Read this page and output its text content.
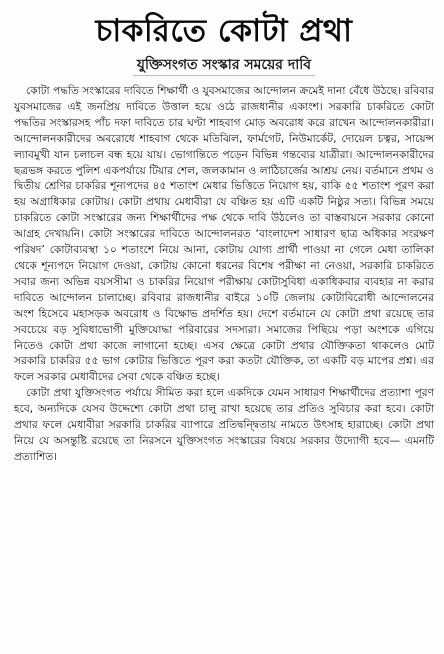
চাকরিতে কোটা প্রথা
যুক্তিসংগত সংস্কার সময়ের দাবি

কোটা পদ্ধতি সংস্কারের দাবিতে শিক্ষার্থী ও যুবসমাজের আন্দোলন ক্রমেই দানা বেঁধে উঠছে। রবিবার যুবসমাজের এই জনপ্রিয় দাবিতে উত্তাল হয়ে ওঠে রাজধানীর একাংশ। সরকারি চাকরিতে কোটা পদ্ধতির সংস্কারসহ পাঁচ দফা দাবিতে চার ঘণ্টা শাহবাগ মোড় অবরোধ করে রাখেন আন্দোলনকারীরা। আন্দোলনকারীদের অবরোধে শাহবাগ থেকে মতিঝিল, ফার্মগেট, নিউমার্কেট, দোয়েল চত্বর, সায়েন্স ল্যাবমুখী যান চলাচল বন্ধ হয়ে যায়। ভোগান্তিতে পড়েন বিভিন্ন গন্তব্যের যাত্রীরা। আন্দোলনকারীদের ছত্রভঙ্গ করতে পুলিশ একপর্যায়ে টিয়ার শেল, জলকামান ও লাঠিচার্জের আশ্রয় নেয়। বর্তমানে প্রথম ও দ্বিতীয় শ্রেণির চাকরির শূন্যপদের ৪৫ শতাংশ মেধার ভিত্তিতে নিয়োগ হয়, বাকি ৫৫ শতাংশ পূরণ করা হয় অগ্রাধিকার কোটায়। কোটা প্রথায় মেধাবীরা যে বঞ্চিত হয় এটি একটি নিষ্ঠুর সত্য। বিভিন্ন সময়ে চাকরিতে কোটা সংস্কারের জন্য শিক্ষার্থীদের পক্ষ থেকে দাবি উঠলেও তা বাস্তবায়নে সরকার কোনো আগ্রহ দেখায়নি। কোটা সংস্কারের দাবিতে আন্দোলনরত ‘বাংলাদেশ সাধারণ ছাত্র অধিকার সংরক্ষণ পরিষদ’ কোটাব্যবস্থা ১০ শতাংশে নিয়ে আনা, কোটায় যোগ্য প্রার্থী পাওয়া না গেলে মেধা তালিকা থেকে শূন্যপদে নিয়োগ দেওয়া, কোটায় কোনো ধরনের বিশেষ পরীক্ষা না নেওয়া, সরকারি চাকরিতে সবার জন্য অভিন্ন বয়সসীমা ও চাকরির নিয়োগ পরীক্ষায় কোটাসুবিধা একাধিকবার ব্যবহার না করার দাবিতে আন্দোলন চালাচ্ছে। রবিবার রাজধানীর বাইরে ১০টি জেলায় কোটাবিরোধী আন্দোলনের অংশ হিসেবে মহাসড়ক অবরোধ ও বিক্ষোভ প্রদর্শিত হয়। দেশে বর্তমানে যে কোটা প্রথা রয়েছে তার সবচেয়ে বড় সুবিধাভোগী মুক্তিযোদ্ধা পরিবারের সদস্যরা। সমাজের পিছিয়ে পড়া অংশকে এগিয়ে নিতেও কোটা প্রথা কাজে লাগানো হচ্ছে। এসব ক্ষেত্রে কোটা প্রথার যৌক্তিকতা থাকলেও মোট সরকারি চাকরির ৫৫ ভাগ কোটার ভিত্তিতে পূরণ করা কতটা যৌক্তিক, তা একটি বড় মাপের প্রশ্ন। এর ফলে সরকার মেধাবীদের সেবা থেকে বঞ্চিত হচ্ছে।

কোটা প্রথা যুক্তিসংগত পর্যায়ে সীমিত করা হলে একদিকে যেমন সাধারণ শিক্ষার্থীদের প্রত্যাশা পূরণ হবে, অন্যদিকে যেসব উদ্দেশ্যে কোটা প্রথা চালু রাখা হয়েছে তার প্রতিও সুবিচার করা হবে। কোটা প্রথার ফলে মেধাবীরা সরকারি চাকরির ব্যাপারে প্রতিদ্বন্দ্বিতায় নামতে উৎসাহ হারাচ্ছে। কোটা প্রথা নিয়ে যে অসন্তুষ্টি রয়েছে তা নিরসনে যুক্তিসংগত সংস্কারের বিষয়ে সরকার উদ্যোগী হবে— এমনটি প্রত্যাশিত।
